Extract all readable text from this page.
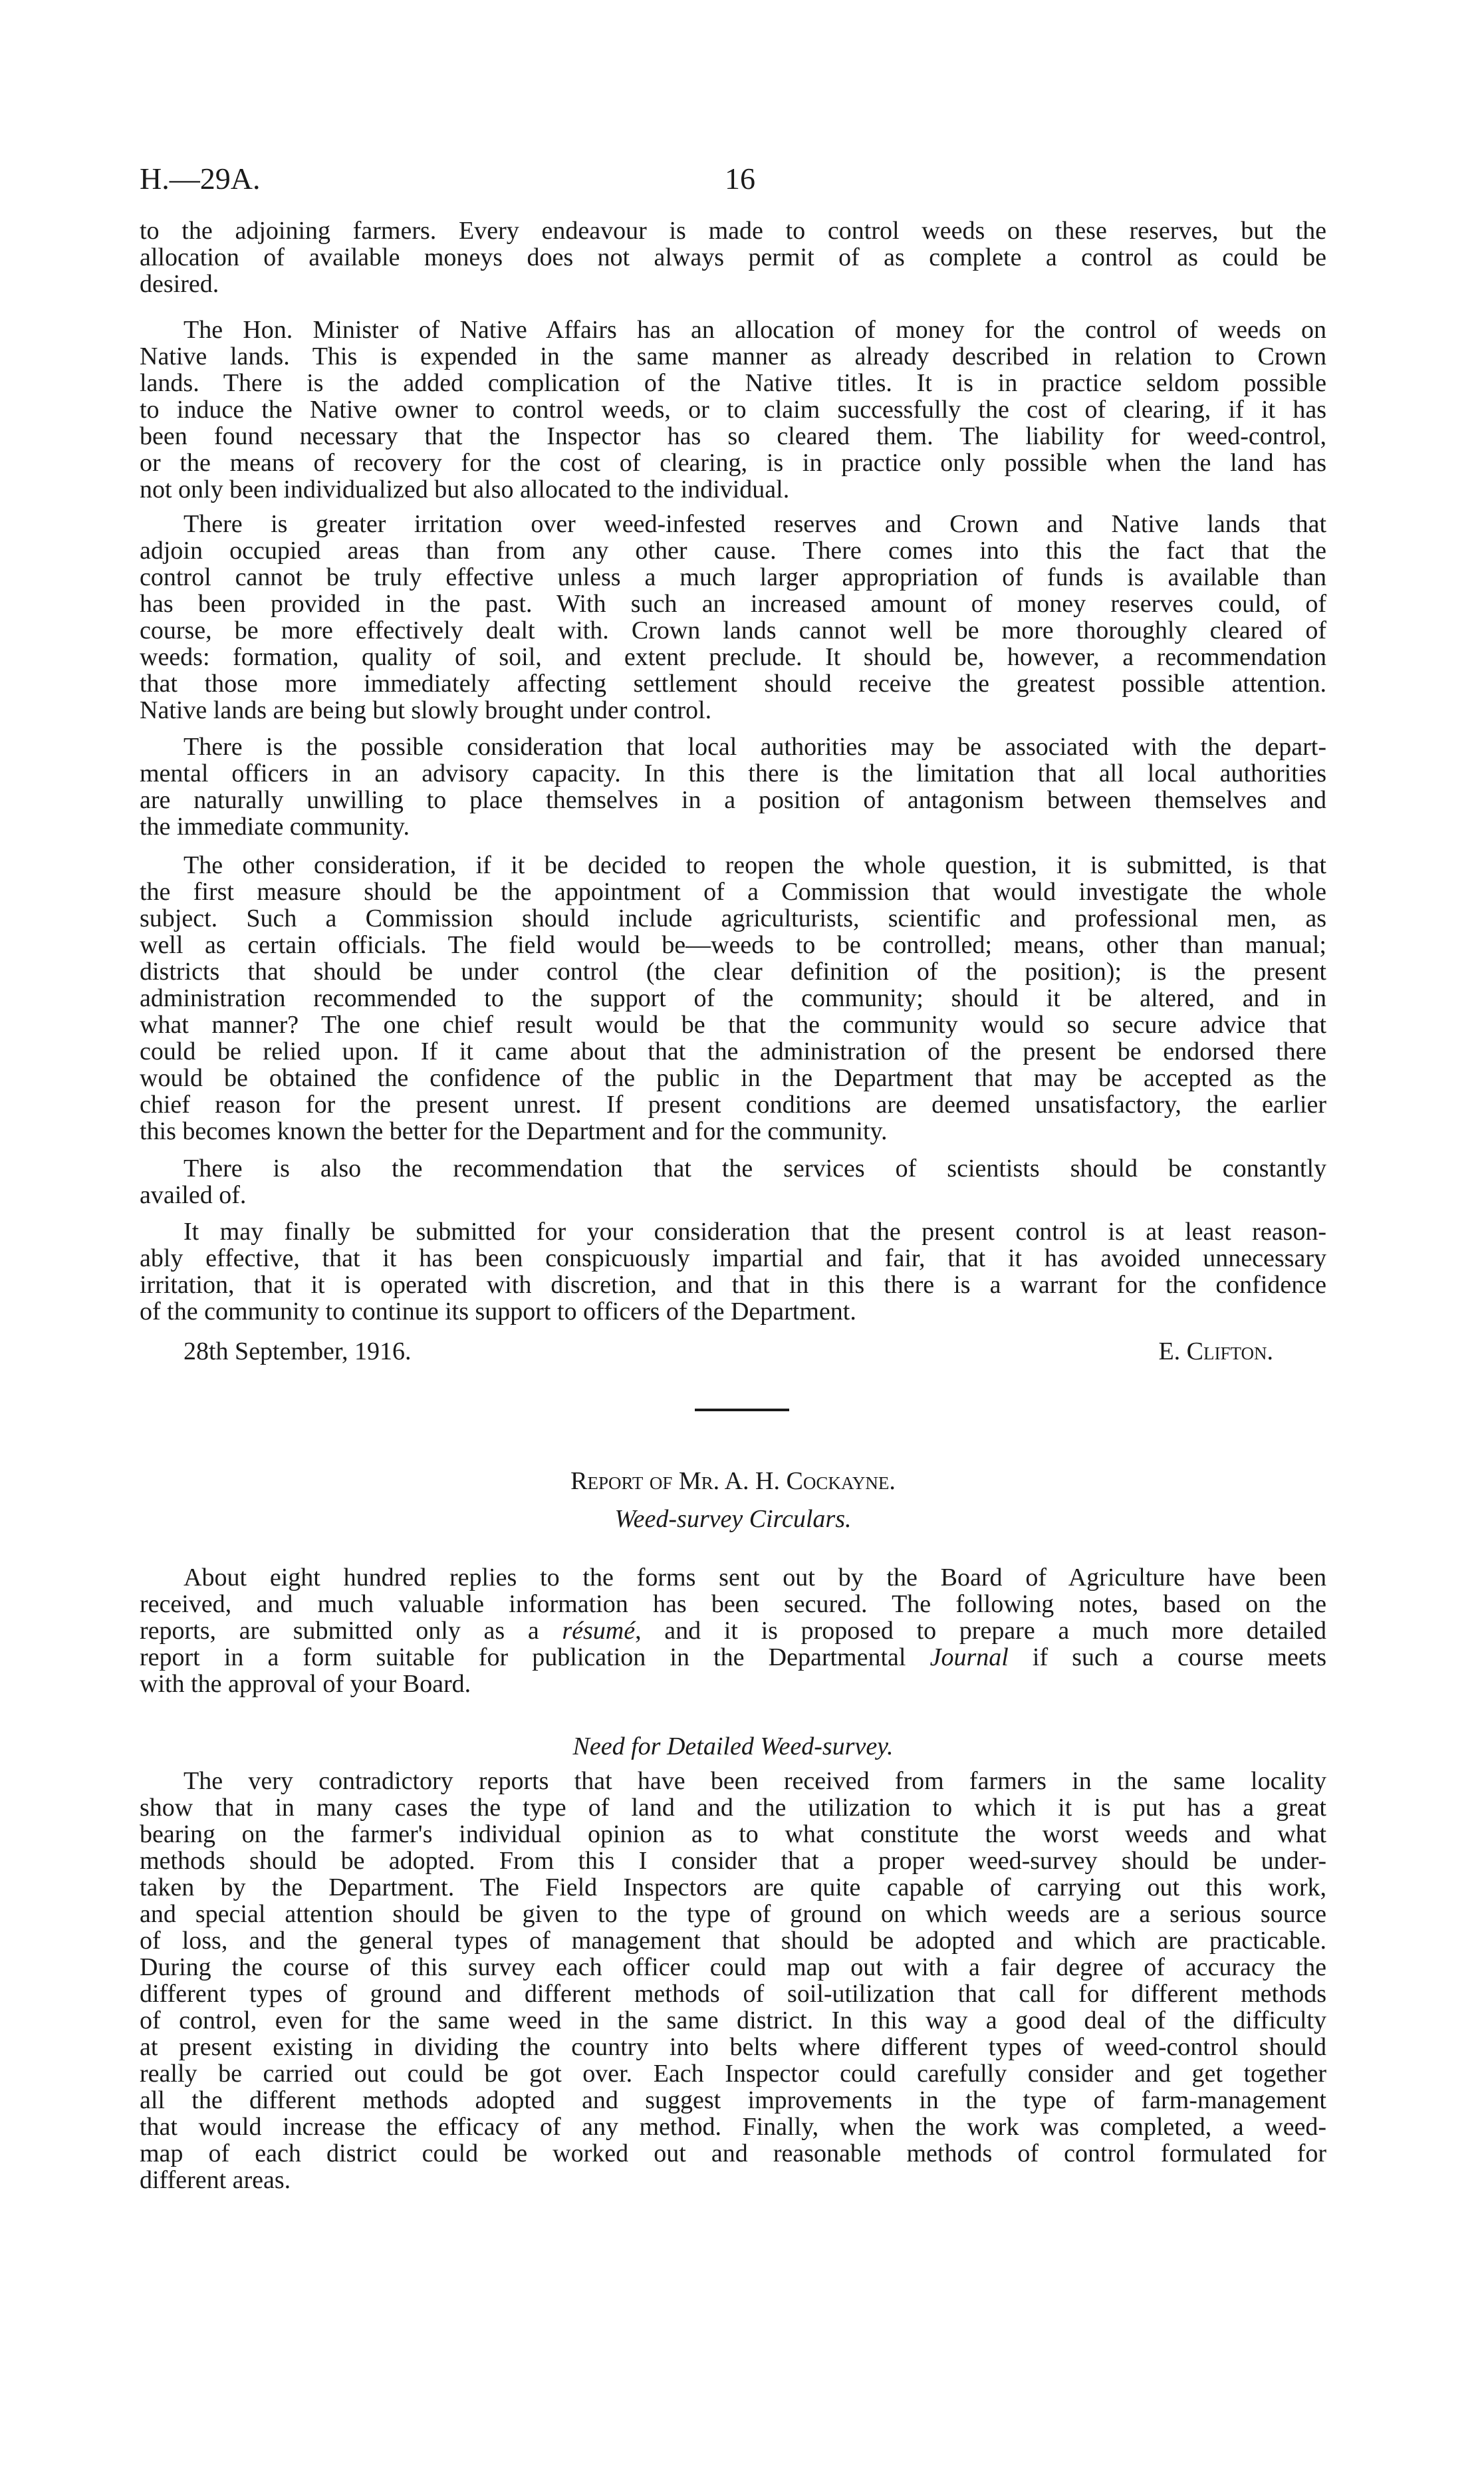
H.—29A.	16
to the adjoining farmers. Every endeavour is made to control weeds on these reserves, but the
allocation of available moneys does not always permit of as complete a control as could be
desired.
The Hon. Minister of Native Affairs has an allocation of money for the control of weeds on
Native lands. This is expended in the same manner as already described in relation to Crown
lands. There is the added complication of the Native titles. It is in practice seldom possible
to induce the Native owner to control weeds, or to claim successfully the cost of clearing, if it has
been found necessary that the Inspector has so cleared them. The liability for weed-control,
or the means of recovery for the cost of clearing, is in practice only possible when the land has
not only been individualized but also allocated to the individual.
There is greater irritation over weed-infested reserves and Crown and Native lands that
adjoin occupied areas than from any other cause. There comes into this the fact that the
control cannot be truly effective unless a much larger appropriation of funds is available than
has been provided in the past. With such an increased amount of money reserves could, of
course, be more effectively dealt with. Crown lands cannot well be more thoroughly cleared of
weeds: formation, quality of soil, and extent preclude. It should be, however, a recommendation
that those more immediately affecting settlement should receive the greatest possible attention.
Native lands are being but slowly brought under control.
There is the possible consideration that local authorities may be associated with the depart-
mental officers in an advisory capacity. In this there is the limitation that all local authorities
are naturally unwilling to place themselves in a position of antagonism between themselves and
the immediate community.
The other consideration, if it be decided to reopen the whole question, it is submitted, is that
the first measure should be the appointment of a Commission that would investigate the whole
subject. Such a Commission should include agriculturists, scientific and professional men, as
well as certain officials. The field would be—weeds to be controlled; means, other than manual;
districts that should be under control (the clear definition of the position); is the present
administration recommended to the support of the community; should it be altered, and in
what manner? The one chief result would be that the community would so secure advice that
could be relied upon. If it came about that the administration of the present be endorsed there
would be obtained the confidence of the public in the Department that may be accepted as the
chief reason for the present unrest. If present conditions are deemed unsatisfactory, the earlier
this becomes known the better for the Department and for the community.
There is also the recommendation that the services of scientists should be constantly
availed of.
It may finally be submitted for your consideration that the present control is at least reason-
ably effective, that it has been conspicuously impartial and fair, that it has avoided unnecessary
irritation, that it is operated with discretion, and that in this there is a warrant for the confidence
of the community to continue its support to officers of the Department.
About eight hundred replies to the forms sent out by the Board of Agriculture have been
received, and much valuable information has been secured. The following notes, based on the
reports, are submitted only as a résumé, and it is proposed to prepare a much more detailed
report in a form suitable for publication in the Departmental Journal if such a course meets
with the approval of your Board.
The very contradictory reports that have been received from farmers in the same locality
show that in many cases the type of land and the utilization to which it is put has a great
bearing on the farmer's individual opinion as to what constitute the worst weeds and what
methods should be adopted. From this I consider that a proper weed-survey should be under-
taken by the Department. The Field Inspectors are quite capable of carrying out this work,
and special attention should be given to the type of ground on which weeds are a serious source
of loss, and the general types of management that should be adopted and which are practicable.
During the course of this survey each officer could map out with a fair degree of accuracy the
different types of ground and different methods of soil-utilization that call for different methods
of control, even for the same weed in the same district. In this way a good deal of the difficulty
at present existing in dividing the country into belts where different types of weed-control should
really be carried out could be got over. Each Inspector could carefully consider and get together
all the different methods adopted and suggest improvements in the type of farm-management
that would increase the efficacy of any method. Finally, when the work was completed, a weed-
map of each district could be worked out and reasonable methods of control formulated for
different areas.
28th September, 1916.	E. Clifton.
Report of Mr. A. H. Cockayne.
Weed-survey Circulars.
Need for Detailed Weed-survey.
